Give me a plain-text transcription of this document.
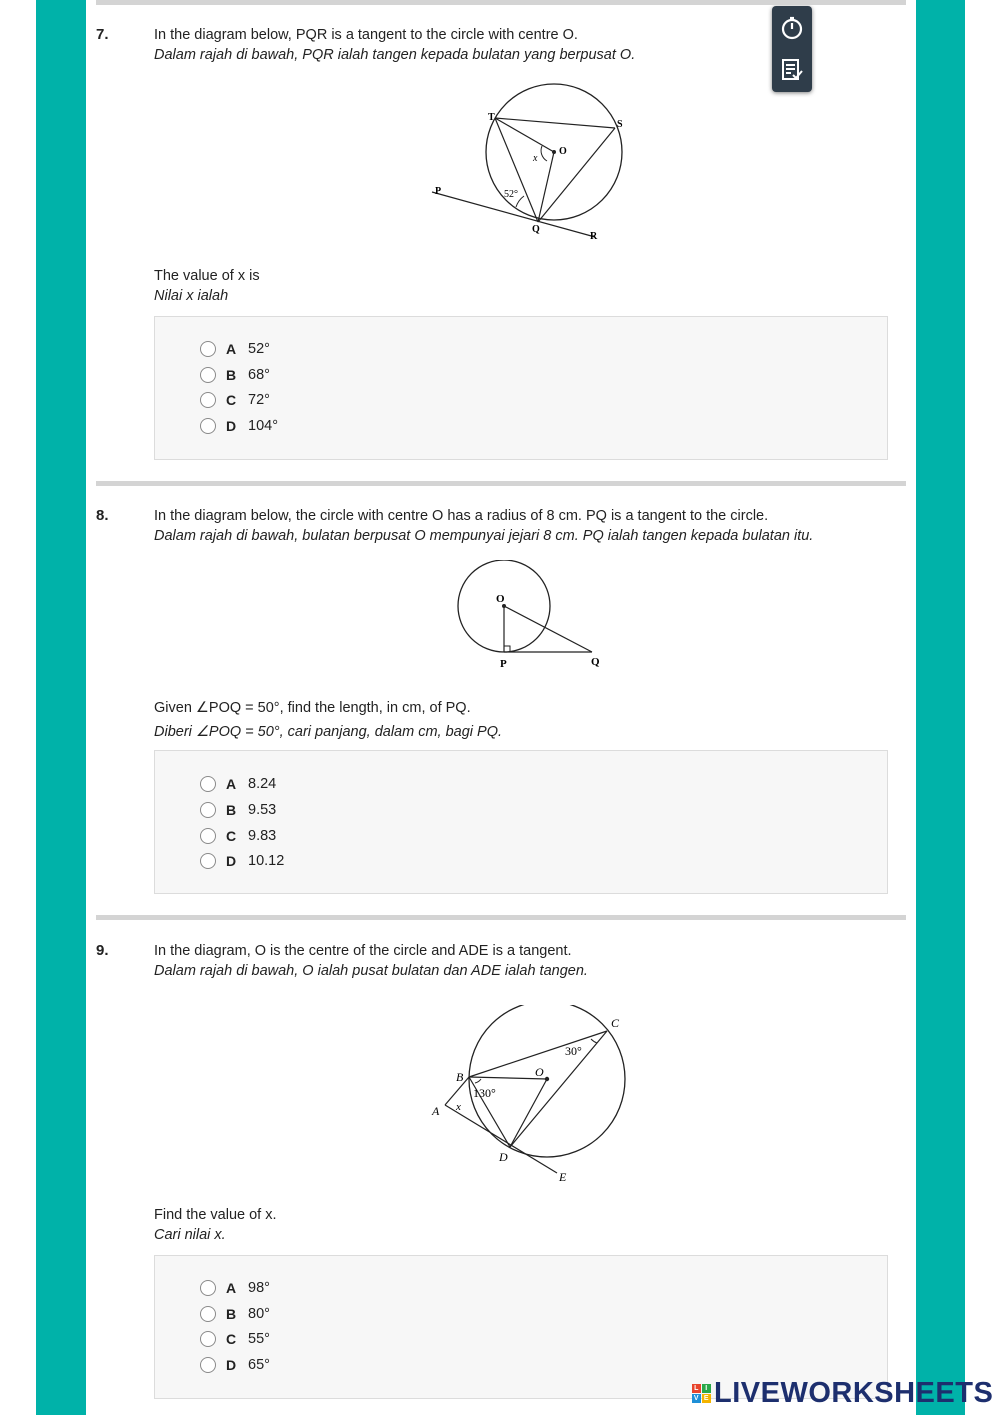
7.	In the diagram below, PQR is a tangent to the circle with centre O.
Dalam rajah di bawah, PQR ialah tangen kepada bulatan yang berpusat O.
T
S
O
x
P	52°
Q
R
The value of x is
Nilai x ialah
A 52°
B 68°
C 72°
D 104°
8.	In the diagram below, the circle with centre O has a radius of 8 cm. PQ is a tangent to the circle.
Dalam rajah di bawah, bulatan berpusat O mempunyai jejari 8 cm. PQ ialah tangen kepada bulatan itu.
O
P	Q
Given ∠POQ = 50°, find the length, in cm, of PQ.
Diberi ∠POQ = 50°, cari panjang, dalam cm, bagi PQ.
A 8.24
B 9.53
C 9.83
D 10.12
9.	In the diagram, O is the centre of the circle and ADE is a tangent.
Dalam rajah di bawah, O ialah pusat bulatan dan ADE ialah tangen.
C
30°
B	O
130°
A x
D
E
Find the value of x.
Cari nilai x.
A 98°
B 80°
C 55°
D 65°
L I
V E LIVEWORKSHEETS
